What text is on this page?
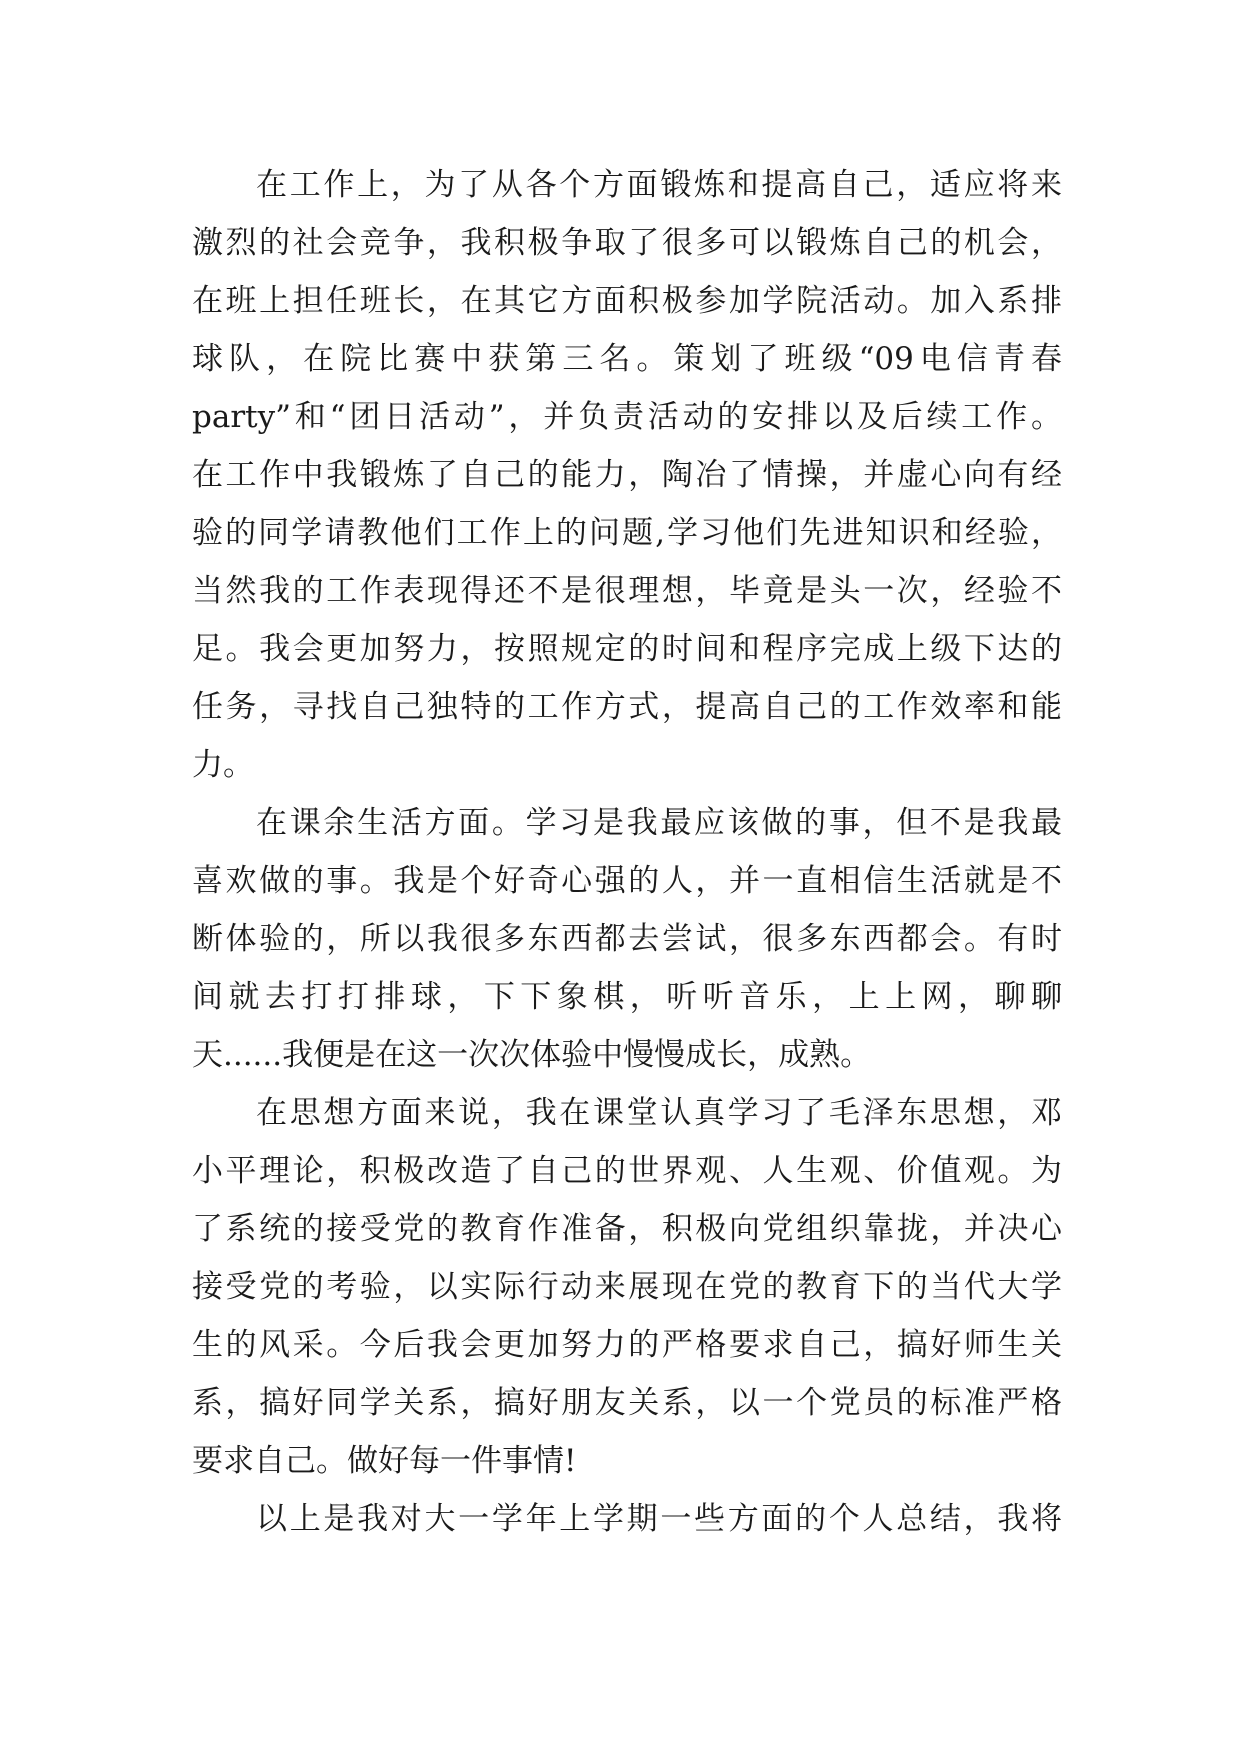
在工作上，为了从各个方面锻炼和提高自己，适应将来
激烈的社会竞争，我积极争取了很多可以锻炼自己的机会，
在班上担任班长，在其它方面积极参加学院活动。加入系排
球队，在院比赛中获第三名。策划了班级“09电信青春
party”和“团日活动”，并负责活动的安排以及后续工作。
在工作中我锻炼了自己的能力，陶冶了情操，并虚心向有经
验的同学请教他们工作上的问题,学习他们先进知识和经验，
当然我的工作表现得还不是很理想，毕竟是头一次，经验不
足。我会更加努力，按照规定的时间和程序完成上级下达的
任务，寻找自己独特的工作方式，提高自己的工作效率和能
力。
在课余生活方面。学习是我最应该做的事，但不是我最
喜欢做的事。我是个好奇心强的人，并一直相信生活就是不
断体验的，所以我很多东西都去尝试，很多东西都会。有时
间就去打打排球，下下象棋，听听音乐，上上网，聊聊
天......我便是在这一次次体验中慢慢成长，成熟。
在思想方面来说，我在课堂认真学习了毛泽东思想，邓
小平理论，积极改造了自己的世界观、人生观、价值观。为
了系统的接受党的教育作准备，积极向党组织靠拢，并决心
接受党的考验，以实际行动来展现在党的教育下的当代大学
生的风采。今后我会更加努力的严格要求自己，搞好师生关
系，搞好同学关系，搞好朋友关系，以一个党员的标准严格
要求自己。做好每一件事情!
以上是我对大一学年上学期一些方面的个人总结，我将
